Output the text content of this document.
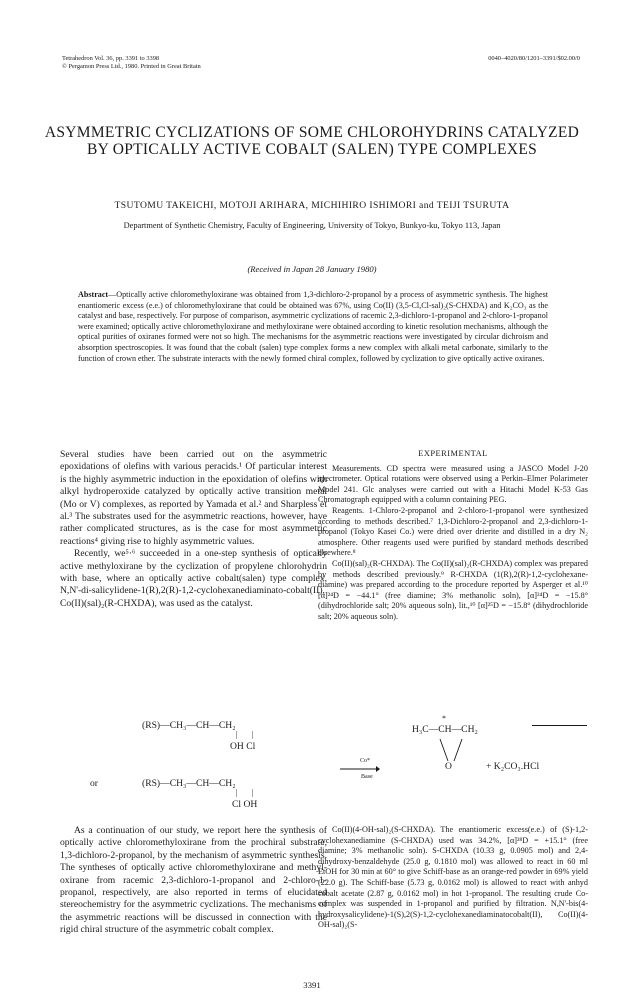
Tetrahedron Vol. 36, pp. 3391 to 3398
© Pergamon Press Ltd., 1980. Printed in Great Britain
0040–4020/80/1201–3391/$02.00/0
ASYMMETRIC CYCLIZATIONS OF SOME CHLOROHYDRINS CATALYZED BY OPTICALLY ACTIVE COBALT (SALEN) TYPE COMPLEXES
TSUTOMU TAKEICHI, MOTOJI ARIHARA, MICHIHIRO ISHIMORI and TEIJI TSURUTA
Department of Synthetic Chemistry, Faculty of Engineering, University of Tokyo, Bunkyo-ku, Tokyo 113, Japan
(Received in Japan 28 January 1980)
Abstract—Optically active chloromethyloxirane was obtained from 1,3-dichloro-2-propanol by a process of asymmetric synthesis. The highest enantiomeric excess (e.e.) of chloromethyloxirane that could be obtained was 67%, using Co(II) (3,5-Cl,Cl-sal)₂(S-CHXDA) and K₂CO₃ as the catalyst and base, respectively. For purpose of comparison, asymmetric cyclizations of racemic 2,3-dichloro-1-propanol and 2-chloro-1-propanol were examined; optically active chloromethyloxirane and methyloxirane were obtained according to kinetic resolution mechanisms, although the optical purities of oxiranes formed were not so high. The mechanisms for the asymmetric reactions were investigated by circular dichroism and absorption spectroscopies. It was found that the cobalt (salen) type complex forms a new complex with alkali metal carbonate, similarly to the function of crown ether. The substrate interacts with the newly formed chiral complex, followed by cyclization to give optically active oxiranes.

Several studies have been carried out on the asymmetric epoxidations of olefins with various peracids.¹ Of particular interest is the highly asymmetric induction in the epoxidation of olefins with alkyl hydroperoxide catalyzed by optically active transition metal (Mo or V) complexes, as reported by Yamada et al.² and Sharpless et al.³ The substrates used for the asymmetric reactions, however, have rather complicated structures, as is the case for most asymmetric reactions⁴ giving rise to highly asymmetric values.

Recently, we⁵·⁶ succeeded in a one-step synthesis of optically active methyloxirane by the cyclization of propylene chlorohydrin with base, where an optically active cobalt(salen) type complex, N,N'-di-salicylidene-1(R),2(R)-1,2-cyclohexanediaminato-cobalt(II), Co(II)(sal)₂(R-CHXDA), was used as the catalyst.

EXPERIMENTAL

Measurements. CD spectra were measured using a JASCO Model J-20 spectrometer. Optical rotations were observed using a Perkin–Elmer Polarimeter Model 241. Glc analyses were carried out with a Hitachi Model K-53 Gas Chromatograph equipped with a column containing PEG.

Reagents. 1-Chloro-2-propanol and 2-chloro-1-propanol were synthesized according to methods described.⁷ 1,3-Dichloro-2-propanol and 2,3-dichloro-1-propanol (Tokyo Kasei Co.) were dried over drierite and distilled in a dry N₂ atmosphere. Other reagents used were purified by standard methods described elsewhere.⁸

Co(II)(sal)₂(R-CHXDA). The Co(II)(sal)₂(R-CHXDA) complex was prepared by methods described previously.⁹ R-CHXDA (1(R),2(R)-1,2-cyclohexane-diamine) was prepared according to the procedure reported by Asperger et al.¹⁰ [α]²⁴D = −44.1° (free diamine; 3% methanolic soln), [α]²⁴D = −15.8° (dihydrochloride salt; 20% aqueous soln), lit.,¹⁰ [α]²⁵D = −15.8° (dihydrochloride salt; 20% aqueous soln).

(RS)—CH₃—CH—CH₂
|       |
OH Cl
Co*
Base
*
H₃C—CH—CH₂
O	+ K₂CO₃.HCl
or	(RS)—CH₃—CH—CH₂
|       |
Cl OH

As a continuation of our study, we report here the synthesis of optically active chloromethyloxirane from the prochiral substrate, 1,3-dichloro-2-propanol, by the mechanism of asymmetric synthesis. The syntheses of optically active chloromethyloxirane and methyl-oxirane from racemic 2,3-dichloro-1-propanol and 2-chloro-1-propanol, respectively, are also reported in terms of elucidated stereochemistry for the asymmetric cyclizations. The mechanisms of the asymmetric reactions will be discussed in connection with the rigid chiral structure of the asymmetric cobalt complex.

Co(II)(4-OH-sal)₂(S-CHXDA). The enantiomeric excess(e.e.) of (S)-1,2-cyclohexanediamine (S-CHXDA) used was 34.2%, [α]²⁸D = +15.1° (free diamine; 3% methanolic soln). S-CHXDA (10.33 g, 0.0905 mol) and 2,4-dihydroxy-benzaldehyde (25.0 g, 0.1810 mol) was allowed to react in 60 ml EtOH for 30 min at 60° to give Schiff-base as an orange-red powder in 69% yield (22.0 g). The Schiff-base (5.73 g, 0.0162 mol) is allowed to react with anhyd cobalt acetate (2.87 g, 0.0162 mol) in hot 1-propanol. The resulting crude Co- complex was suspended in 1-propanol and purified by filtration. N,N'-bis(4-hydroxysalicylidene)-1(S),2(S)-1,2-cyclohexanediaminatocobalt(II), Co(II)(4-OH-sal)₂(S-

3391
